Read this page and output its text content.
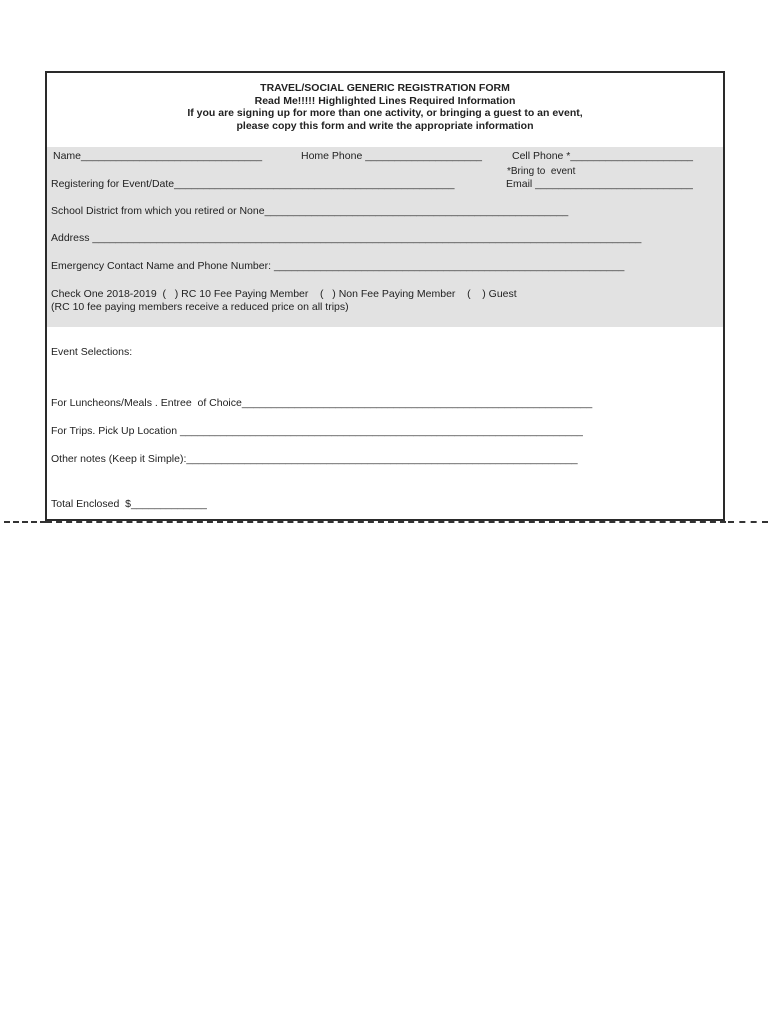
TRAVEL/SOCIAL GENERIC REGISTRATION FORM
Read Me!!!!! Highlighted Lines Required Information
If you are signing up for more than one activity, or bringing a guest to an event,
please copy this form and write the appropriate information
Name_______________________________	Home Phone ____________________	Cell Phone *_____________________
*Bring to  event
Registering for Event/Date________________________________________________	Email ___________________________
School District from which you retired or None____________________________________________________
Address ______________________________________________________________________________________________
Emergency Contact Name and Phone Number: ____________________________________________________________
Check One 2018-2019  (   ) RC 10 Fee Paying Member    (   ) Non Fee Paying Member    (    ) Guest
(RC 10 fee paying members receive a reduced price on all trips)
Event Selections:
For Luncheons/Meals . Entree  of Choice____________________________________________________________
For Trips. Pick Up Location _____________________________________________________________________
Other notes (Keep it Simple):___________________________________________________________________
Total Enclosed  $_____________
